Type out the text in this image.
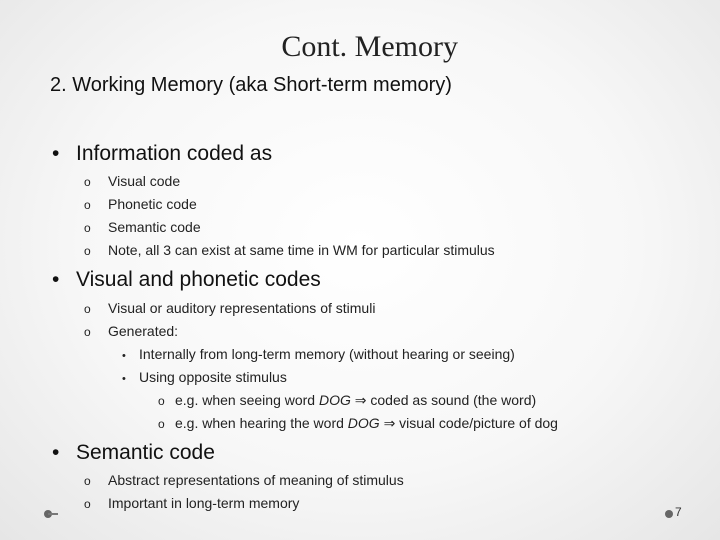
Cont. Memory
2. Working Memory (aka Short-term memory)
• Information coded as
o Visual code
o Phonetic code
o Semantic code
o Note, all 3 can exist at same time in WM for particular stimulus
• Visual and phonetic codes
o Visual or auditory representations of stimuli
o Generated:
• Internally from long-term memory (without hearing or seeing)
• Using opposite stimulus
o e.g. when seeing word DOG ⇒ coded as sound (the word)
o e.g. when hearing the word DOG ⇒ visual code/picture of dog
• Semantic code
o Abstract representations of meaning of stimulus
o Important in long-term memory
7
